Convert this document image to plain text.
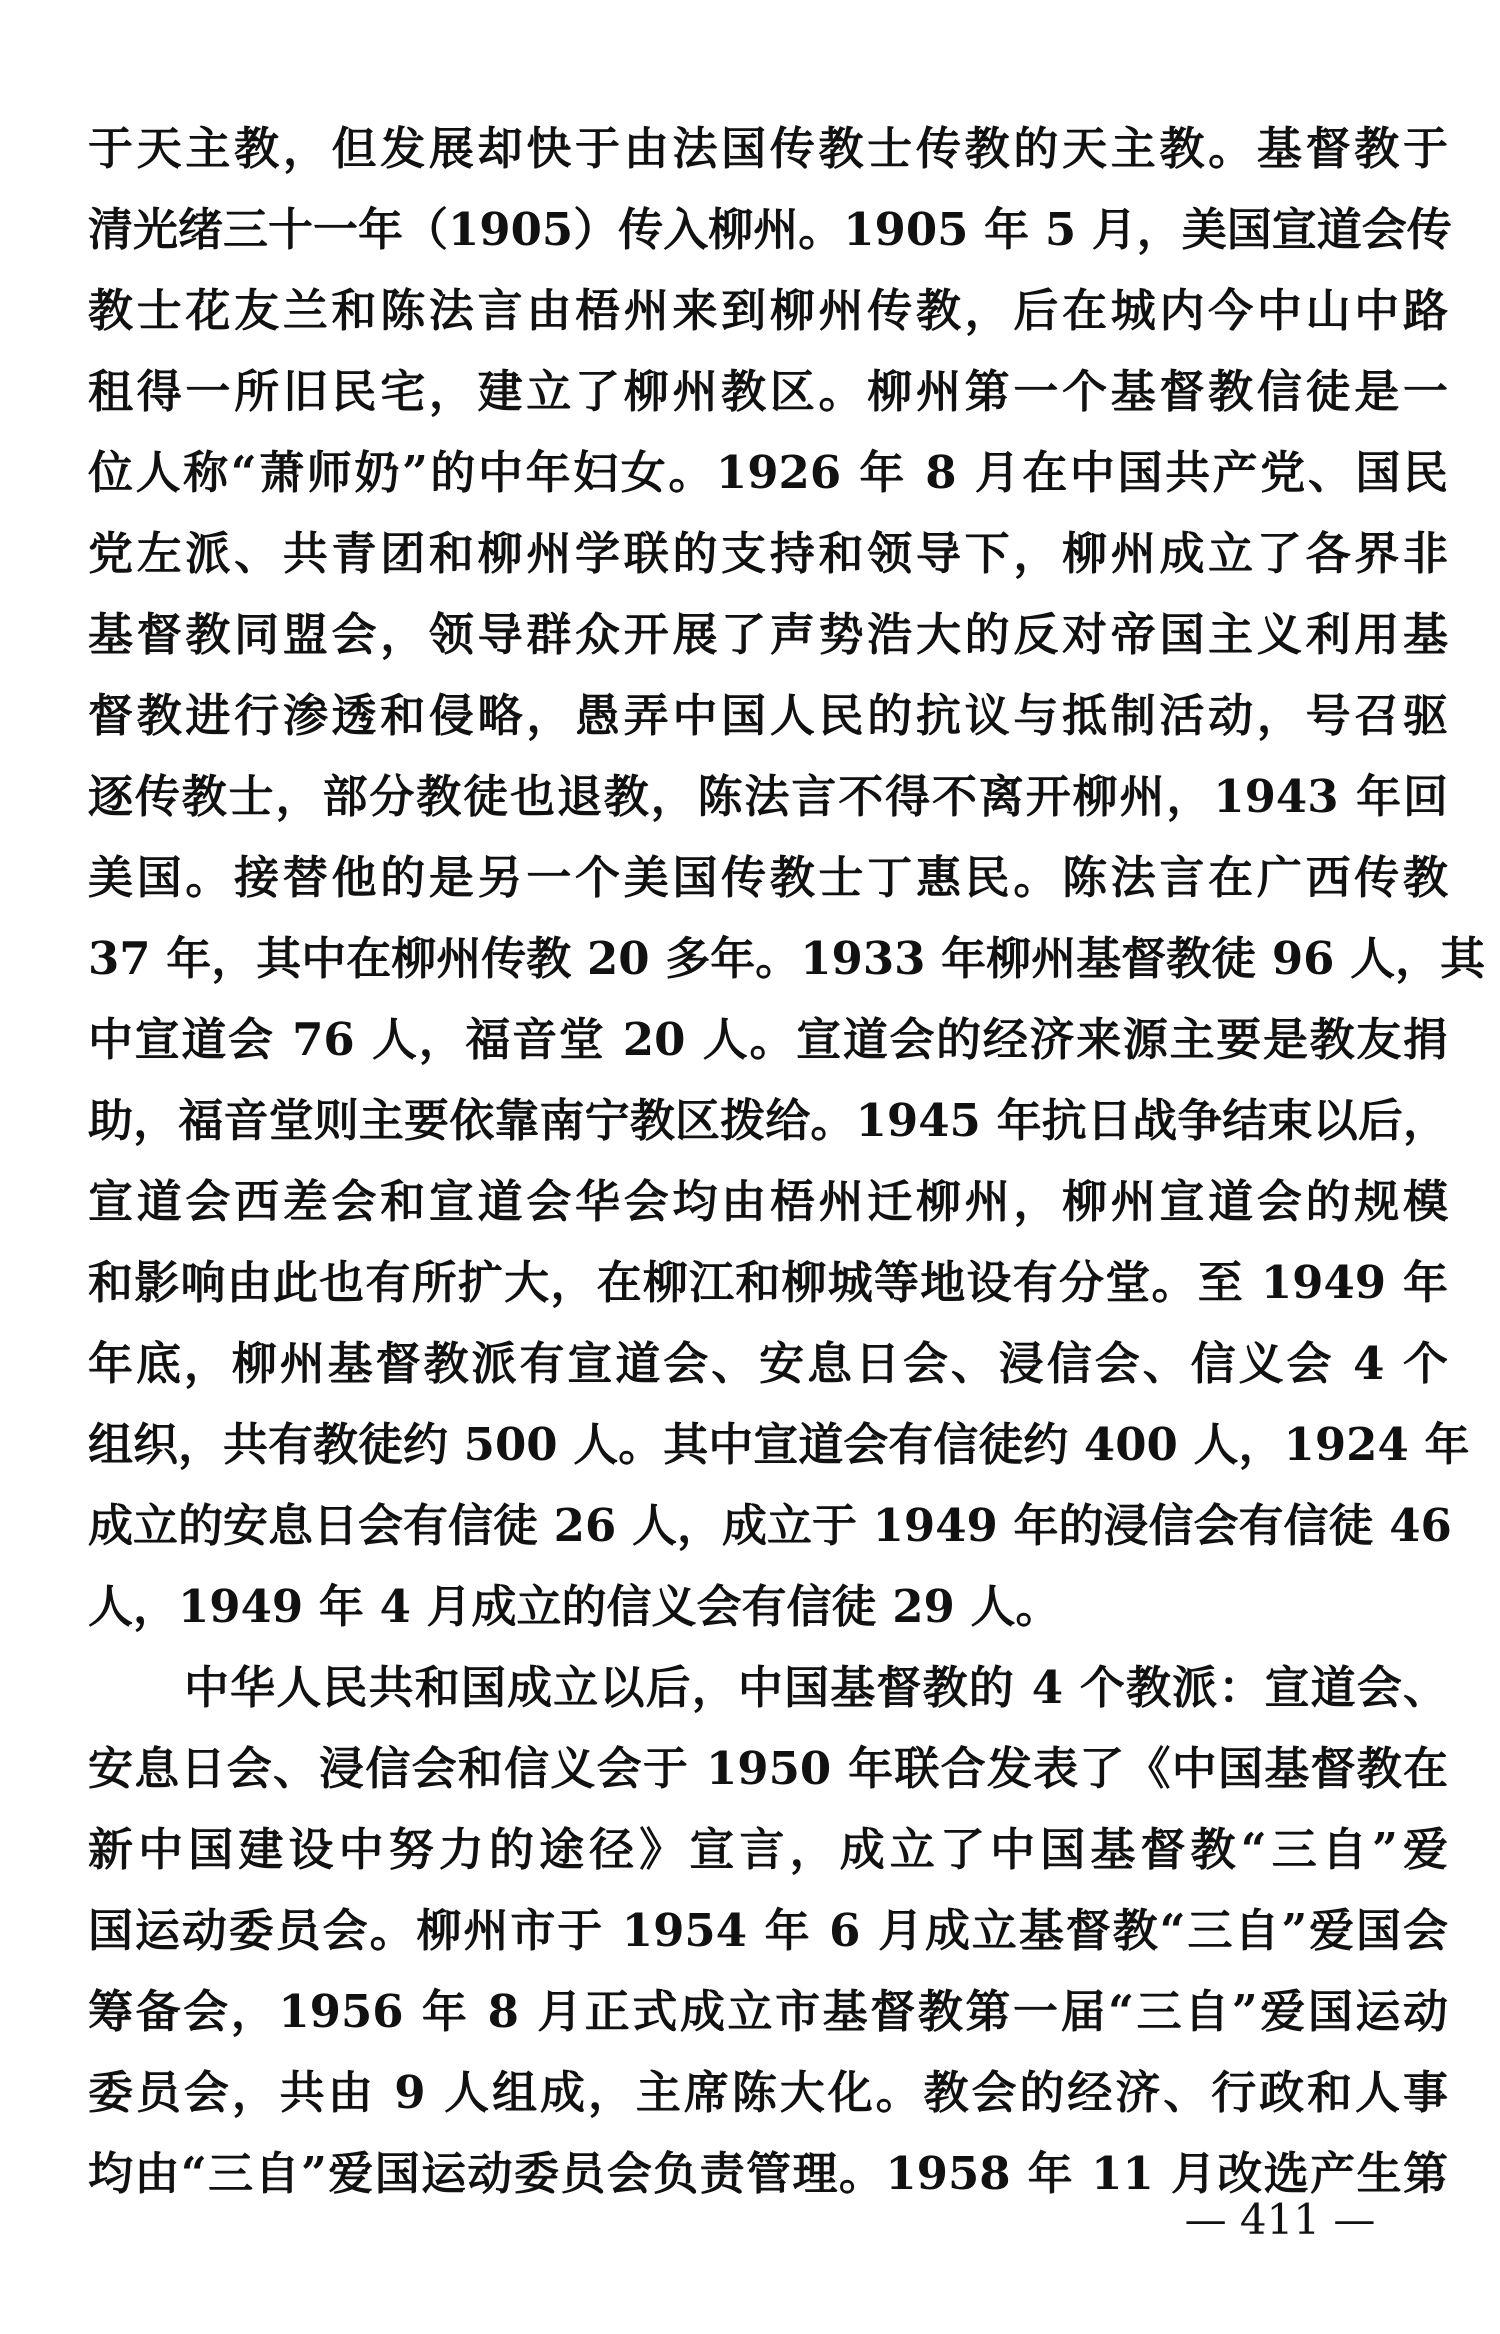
于天主教，但发展却快于由法国传教士传教的天主教。基督教于
清光绪三十一年（1905）传入柳州。1905 年 5 月，美国宣道会传
教士花友兰和陈法言由梧州来到柳州传教，后在城内今中山中路
租得一所旧民宅，建立了柳州教区。柳州第一个基督教信徒是一
位人称“萧师奶”的中年妇女。1926 年 8 月在中国共产党、国民
党左派、共青团和柳州学联的支持和领导下，柳州成立了各界非
基督教同盟会，领导群众开展了声势浩大的反对帝国主义利用基
督教进行渗透和侵略，愚弄中国人民的抗议与抵制活动，号召驱
逐传教士，部分教徒也退教，陈法言不得不离开柳州，1943 年回
美国。接替他的是另一个美国传教士丁惠民。陈法言在广西传教
37 年，其中在柳州传教 20 多年。1933 年柳州基督教徒 96 人，其
中宣道会 76 人，福音堂 20 人。宣道会的经济来源主要是教友捐
助，福音堂则主要依靠南宁教区拨给。1945 年抗日战争结束以后，
宣道会西差会和宣道会华会均由梧州迁柳州，柳州宣道会的规模
和影响由此也有所扩大，在柳江和柳城等地设有分堂。至 1949 年
年底，柳州基督教派有宣道会、安息日会、浸信会、信义会 4 个
组织，共有教徒约 500 人。其中宣道会有信徒约 400 人，1924 年
成立的安息日会有信徒 26 人，成立于 1949 年的浸信会有信徒 46
人，1949 年 4 月成立的信义会有信徒 29 人。
中华人民共和国成立以后，中国基督教的 4 个教派：宣道会、
安息日会、浸信会和信义会于 1950 年联合发表了《中国基督教在
新中国建设中努力的途径》宣言，成立了中国基督教“三自”爱
国运动委员会。柳州市于 1954 年 6 月成立基督教“三自”爱国会
筹备会，1956 年 8 月正式成立市基督教第一届“三自”爱国运动
委员会，共由 9 人组成，主席陈大化。教会的经济、行政和人事
均由“三自”爱国运动委员会负责管理。1958 年 11 月改选产生第
— 411 —
